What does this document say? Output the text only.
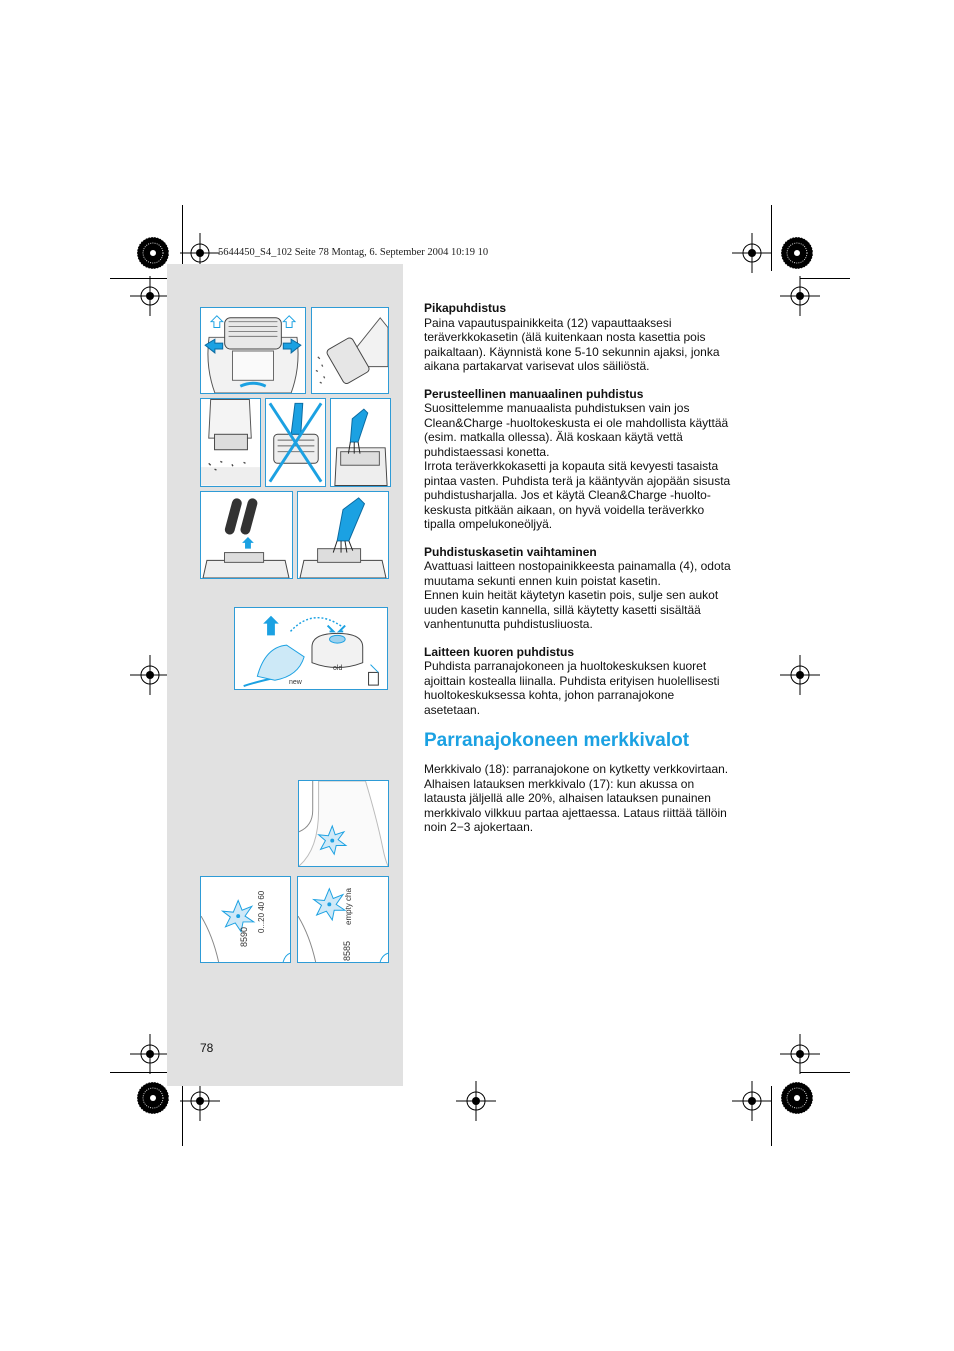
5644450_S4_102 Seite 78 Montag, 6. September 2004 10:19 10
new
old
8590
0...20 40 60
8585
empty cha
Pikapuhdistus

Paina vapautuspainikkeita (12) vapauttaaksesi
teräverkkokasetin (älä kuitenkaan nosta kasettia pois
paikaltaan). Käynnistä kone 5-10 sekunnin ajaksi, jonka
aikana partakarvat varisevat ulos säiliöstä.

Perusteellinen manuaalinen puhdistus

Suosittelemme manuaalista puhdistuksen vain jos
Clean&Charge -huoltokeskusta ei ole mahdollista käyttää
(esim. matkalla ollessa). Älä koskaan käytä vettä
puhdistaessasi konetta.
Irrota teräverkkokasetti ja kopauta sitä kevyesti tasaista
pintaa vasten. Puhdista terä ja kääntyvän ajopään sisusta
puhdistusharjalla. Jos et käytä Clean&Charge -huolto-
keskusta pitkään aikaan, on hyvä voidella teräverkko
tipalla ompelukoneöljyä.

Puhdistuskasetin vaihtaminen

Avattuasi laitteen nostopainikkeesta painamalla (4), odota
muutama sekunti ennen kuin poistat kasetin.
Ennen kuin heität käytetyn kasetin pois, sulje sen aukot
uuden kasetin kannella, sillä käytetty kasetti sisältää
vanhentunutta puhdistusliuosta.

Laitteen kuoren puhdistus

Puhdista parranajokoneen ja huoltokeskuksen kuoret
ajoittain kostealla liinalla. Puhdista erityisen huolellisesti
huoltokeskuksessa kohta, johon parranajokone
asetetaan.

Parranajokoneen merkkivalot

Merkkivalo (18): parranajokone on kytketty verkkovirtaan.
Alhaisen latauksen merkkivalo (17): kun akussa on
latausta jäljellä alle 20%, alhaisen latauksen punainen
merkkivalo vilkkuu partaa ajettaessa. Lataus riittää tällöin
noin 2−3 ajokertaan.

78
